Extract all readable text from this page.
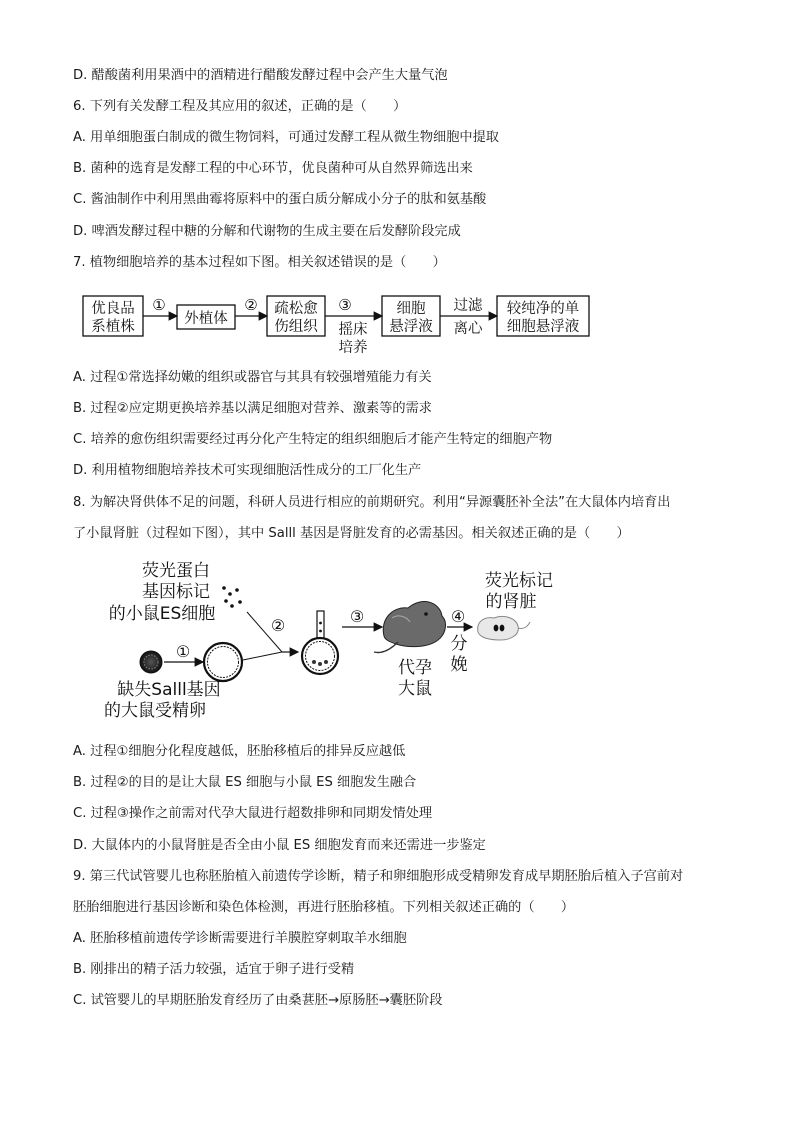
D. 醋酸菌利用果酒中的酒精进行醋酸发酵过程中会产生大量气泡
6. 下列有关发酵工程及其应用的叙述，正确的是（　　）
A. 用单细胞蛋白制成的微生物饲料，可通过发酵工程从微生物细胞中提取
B. 菌种的选育是发酵工程的中心环节，优良菌种可从自然界筛选出来
C. 酱油制作中利用黑曲霉将原料中的蛋白质分解成小分子的肽和氨基酸
D. 啤酒发酵过程中糖的分解和代谢物的生成主要在后发酵阶段完成
7. 植物细胞培养的基本过程如下图。相关叙述错误的是（　　）
优良品
系植株
①
外植体
② 疏松愈
伤组织
③
摇床
培养
细胞
悬浮液
过滤
离心
较纯净的单
细胞悬浮液
A. 过程①常选择幼嫩的组织或器官与其具有较强增殖能力有关
B. 过程②应定期更换培养基以满足细胞对营养、激素等的需求
C. 培养的愈伤组织需要经过再分化产生特定的组织细胞后才能产生特定的细胞产物
D. 利用植物细胞培养技术可实现细胞活性成分的工厂化生产
8. 为解决肾供体不足的问题，科研人员进行相应的前期研究。利用“异源囊胚补全法”在大鼠体内培育出
了小鼠肾脏（过程如下图），其中 Salll 基因是肾脏发育的必需基因。相关叙述正确的是（　　）
荧光蛋白
基因标记
的小鼠ES细胞
①
②	③
代孕
大鼠
④
分
娩
荧光标记
的肾脏
缺失Salll基因
的大鼠受精卵
A. 过程①细胞分化程度越低，胚胎移植后的排异反应越低
B. 过程②的目的是让大鼠 ES 细胞与小鼠 ES 细胞发生融合
C. 过程③操作之前需对代孕大鼠进行超数排卵和同期发情处理
D. 大鼠体内的小鼠肾脏是否全由小鼠 ES 细胞发育而来还需进一步鉴定
9. 第三代试管婴儿也称胚胎植入前遗传学诊断，精子和卵细胞形成受精卵发育成早期胚胎后植入子宫前对
胚胎细胞进行基因诊断和染色体检测，再进行胚胎移植。下列相关叙述正确的（　　）
A. 胚胎移植前遗传学诊断需要进行羊膜腔穿刺取羊水细胞
B. 刚排出的精子活力较强，适宜于卵子进行受精
C. 试管婴儿的早期胚胎发育经历了由桑葚胚→原肠胚→囊胚阶段
